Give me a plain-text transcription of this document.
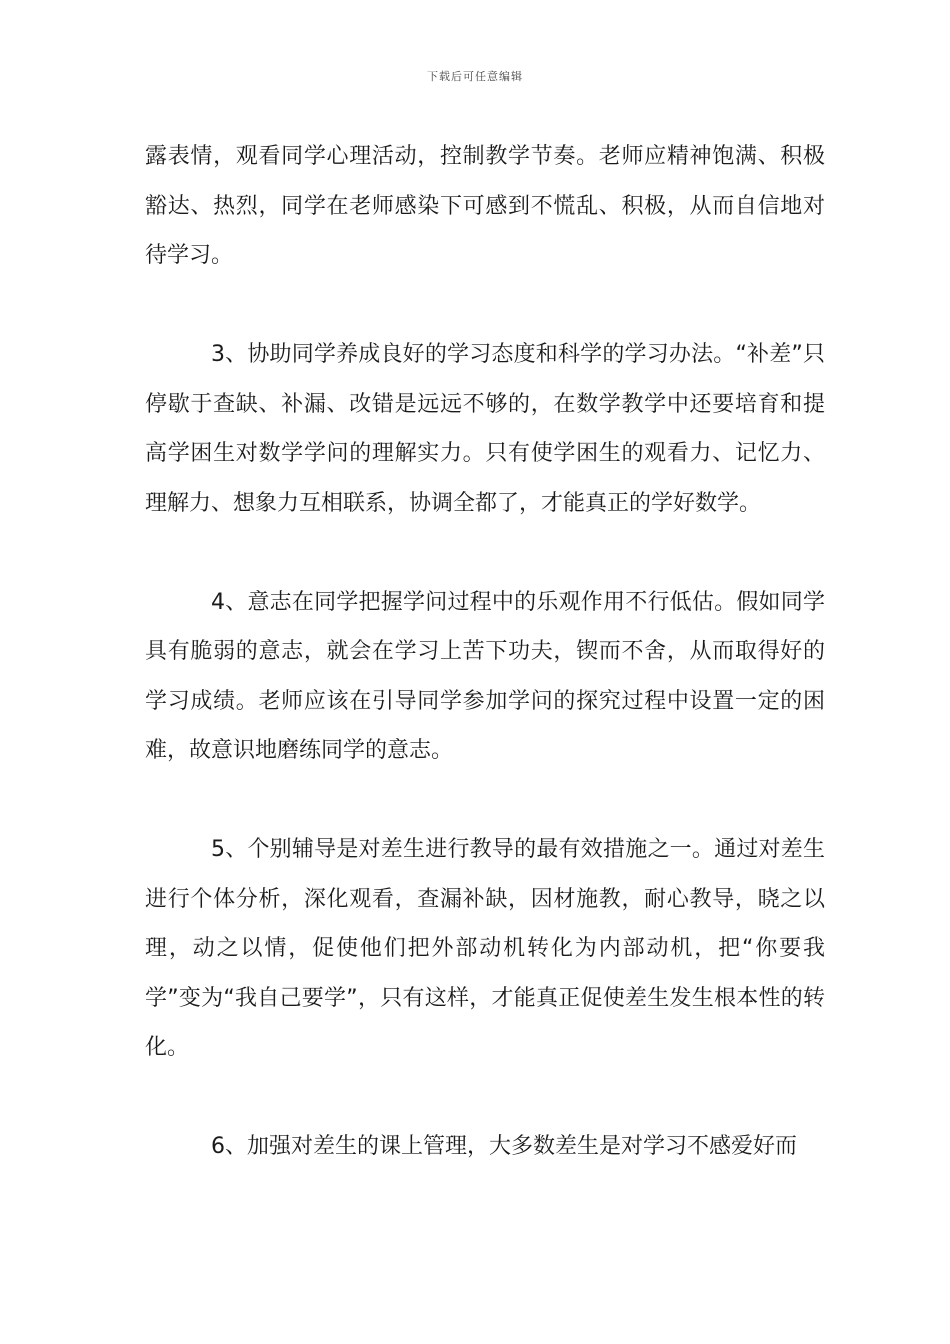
下载后可任意编辑

露表情，观看同学心理活动，控制教学节奏。老师应精神饱满、积极豁达、热烈，同学在老师感染下可感到不慌乱、积极，从而自信地对待学习。

3、协助同学养成良好的学习态度和科学的学习办法。“补差”只停歇于查缺、补漏、改错是远远不够的，在数学教学中还要培育和提高学困生对数学学问的理解实力。只有使学困生的观看力、记忆力、理解力、想象力互相联系，协调全都了，才能真正的学好数学。

4、意志在同学把握学问过程中的乐观作用不行低估。假如同学具有脆弱的意志，就会在学习上苦下功夫，锲而不舍，从而取得好的学习成绩。老师应该在引导同学参加学问的探究过程中设置一定的困难，故意识地磨练同学的意志。

5、个别辅导是对差生进行教导的最有效措施之一。通过对差生进行个体分析，深化观看，查漏补缺，因材施教，耐心教导，晓之以理，动之以情，促使他们把外部动机转化为内部动机，把“你要我学”变为“我自己要学”，只有这样，才能真正促使差生发生根本性的转化。

6、加强对差生的课上管理，大多数差生是对学习不感爱好而
